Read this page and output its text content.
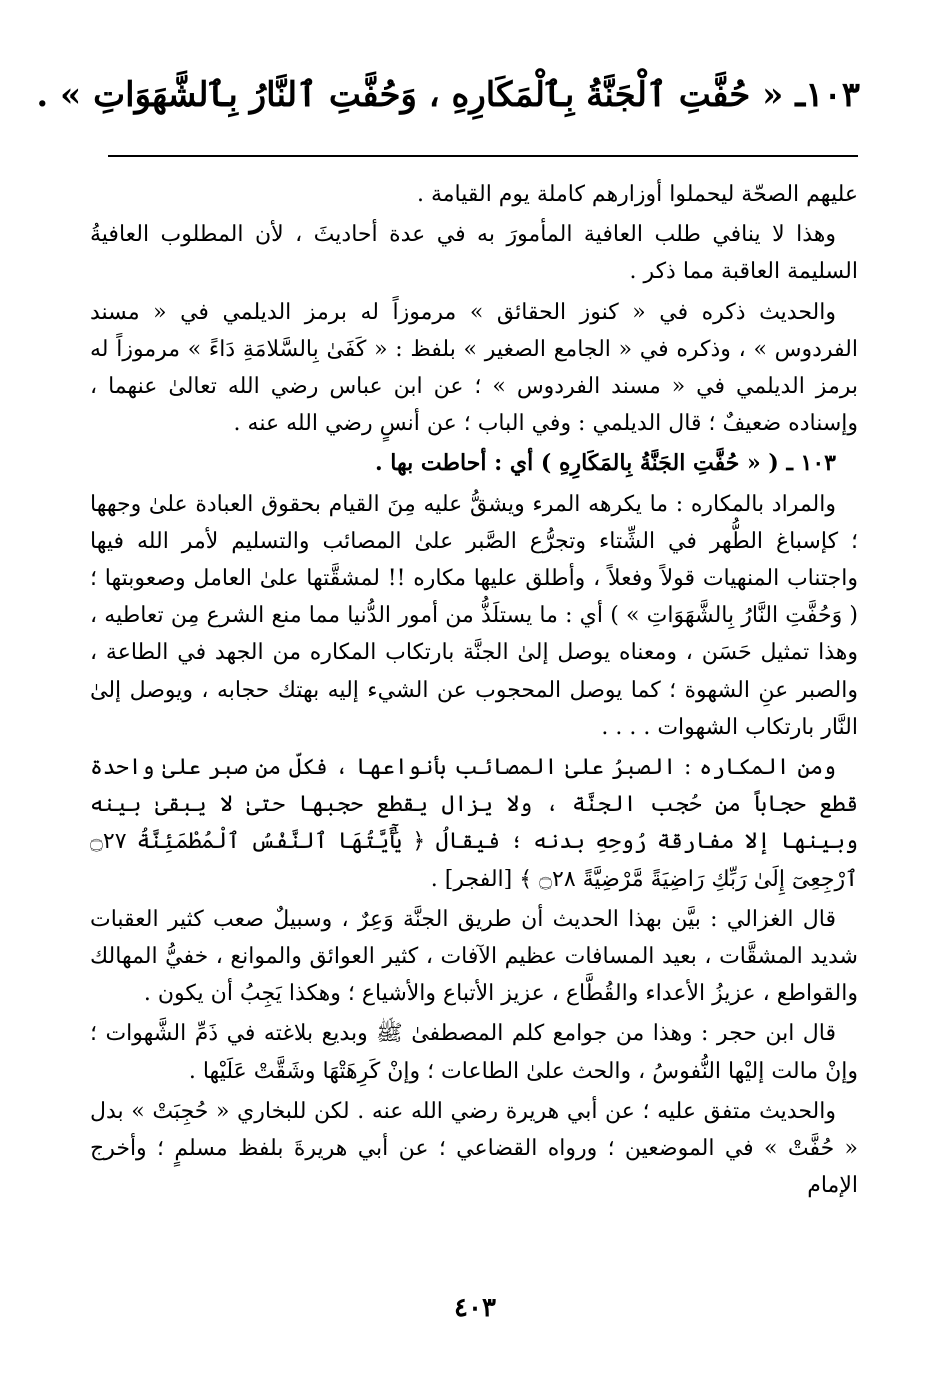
١٠٣ـ « حُفَّتِ ٱلْجَنَّةُ بِٱلْمَكَارِهِ ، وَحُفَّتِ ٱلنَّارُ بِٱلشَّهَوَاتِ » .

عليهم الصحّة ليحملوا أوزارهم كاملة يوم القيامة .

وهذا لا ينافي طلب العافية المأمورَ به في عدة أحاديثَ ، لأن المطلوب العافيةُ السليمة العاقبة مما ذكر .

والحديث ذكره في « كنوز الحقائق » مرموزاً له برمز الديلمي في « مسند الفردوس » ، وذكره في « الجامع الصغير » بلفظ : « كَفَىٰ بِالسَّلامَةِ دَاءً » مرموزاً له برمز الديلمي في « مسند الفردوس » ؛ عن ابن عباس رضي الله تعالىٰ عنهما ، وإسناده ضعيفٌ ؛ قال الديلمي : وفي الباب ؛ عن أنسٍ رضي الله عنه .

١٠٣ ـ ( « حُفَّتِ الجَنَّةُ بِالمَكَارِهِ ) أي : أحاطت بها .

والمراد بالمكاره : ما يكرهه المرء ويشقُّ عليه مِنَ القيام بحقوق العبادة علىٰ وجهها ؛ كإسباغ الطُّهر في الشِّتاء وتجرُّع الصَّبر علىٰ المصائب والتسليم لأمر الله فيها واجتناب المنهيات قولاً وفعلاً ، وأطلق عليها مكاره !! لمشقَّتها علىٰ العامل وصعوبتها ؛ ( وَحُفَّتِ النَّارُ بِالشَّهَوَاتِ » ) أي : ما يستلَذُّ من أمور الدُّنيا مما منع الشرع مِن تعاطيه ، وهذا تمثيل حَسَن ، ومعناه يوصل إلىٰ الجنَّة بارتكاب المكاره من الجهد في الطاعة ، والصبر عنِ الشهوة ؛ كما يوصل المحجوب عن الشيء إليه بهتك حجابه ، ويوصل إلىٰ النَّار بارتكاب الشهوات . . . .

ومن المكاره : الصبرُ علىٰ المصائب بأنواعها ، فكلّ من صبر علىٰ واحدة قطع حجاباً من حُجب الجنَّة ، ولا يزال يقطع حجبها حتىٰ لا يبقىٰ بينه وبينها إلا مفارقة رُوحِهِ بدنه ؛ فيقالُ ﴿ يَٰٓأَيَّتُهَا ٱلنَّفْسُ ٱلْمُطْمَئِنَّةُ ۝٢٧ ٱرْجِعِىٓ إِلَىٰ رَبِّكِ رَاضِيَةً مَّرْضِيَّةً ۝٢٨ ﴾ [الفجر] .

قال الغزالي : بيَّن بهذا الحديث أن طريق الجنَّة وَعِرٌ ، وسبيلٌ صعب كثير العقبات شديد المشقَّات ، بعيد المسافات عظيم الآفات ، كثير العوائق والموانع ، خفيُّ المهالك والقواطع ، عزيزُ الأعداء والقُطَّاع ، عزيز الأتباع والأشياع ؛ وهكذا يَجِبُ أن يكون .

قال ابن حجر : وهذا من جوامع كلم المصطفىٰ ﷺ وبديع بلاغته في ذَمِّ الشَّهوات ؛ وإنْ مالت إليْها النُّفوسُ ، والحث علىٰ الطاعات ؛ وإنْ كَرِهَتْهَا وشَقَّتْ عَلَيْها .

والحديث متفق عليه ؛ عن أبي هريرة رضي الله عنه . لكن للبخاري « حُجِبَتْ » بدل « حُفَّتْ » في الموضعين ؛ ورواه القضاعي ؛ عن أبي هريرةَ بلفظ مسلمٍ ؛ وأخرج الإمام

٤٠٣
